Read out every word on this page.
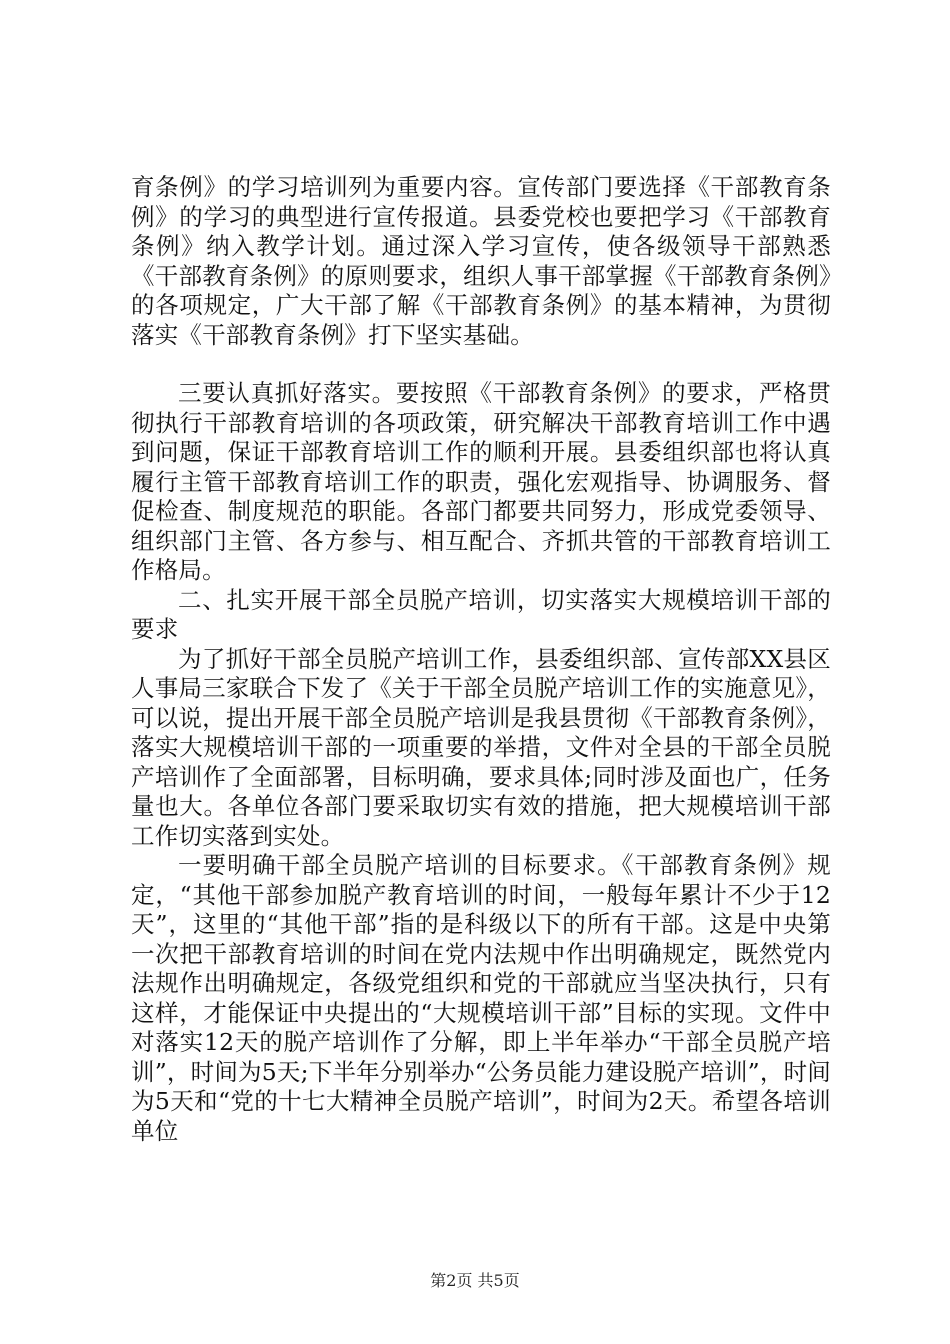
育条例》的学习培训列为重要内容。宣传部门要选择《干部教育条例》的学习的典型进行宣传报道。县委党校也要把学习《干部教育条例》纳入教学计划。通过深入学习宣传，使各级领导干部熟悉《干部教育条例》的原则要求，组织人事干部掌握《干部教育条例》的各项规定，广大干部了解《干部教育条例》的基本精神，为贯彻落实《干部教育条例》打下坚实基础。

三要认真抓好落实。要按照《干部教育条例》的要求，严格贯彻执行干部教育培训的各项政策，研究解决干部教育培训工作中遇到问题，保证干部教育培训工作的顺利开展。县委组织部也将认真履行主管干部教育培训工作的职责，强化宏观指导、协调服务、督促检查、制度规范的职能。各部门都要共同努力，形成党委领导、组织部门主管、各方参与、相互配合、齐抓共管的干部教育培训工作格局。

二、扎实开展干部全员脱产培训，切实落实大规模培训干部的要求

为了抓好干部全员脱产培训工作，县委组织部、宣传部XX县区人事局三家联合下发了《关于干部全员脱产培训工作的实施意见》，可以说，提出开展干部全员脱产培训是我县贯彻《干部教育条例》，落实大规模培训干部的一项重要的举措，文件对全县的干部全员脱产培训作了全面部署，目标明确，要求具体;同时涉及面也广，任务量也大。各单位各部门要采取切实有效的措施，把大规模培训干部工作切实落到实处。

一要明确干部全员脱产培训的目标要求。《干部教育条例》规定，“其他干部参加脱产教育培训的时间，一般每年累计不少于12天”，这里的“其他干部”指的是科级以下的所有干部。这是中央第一次把干部教育培训的时间在党内法规中作出明确规定，既然党内法规作出明确规定，各级党组织和党的干部就应当坚决执行，只有这样，才能保证中央提出的“大规模培训干部”目标的实现。文件中对落实12天的脱产培训作了分解，即上半年举办“干部全员脱产培训”，时间为5天;下半年分别举办“公务员能力建设脱产培训”，时间为5天和“党的十七大精神全员脱产培训”，时间为2天。希望各培训单位

第2页 共5页
